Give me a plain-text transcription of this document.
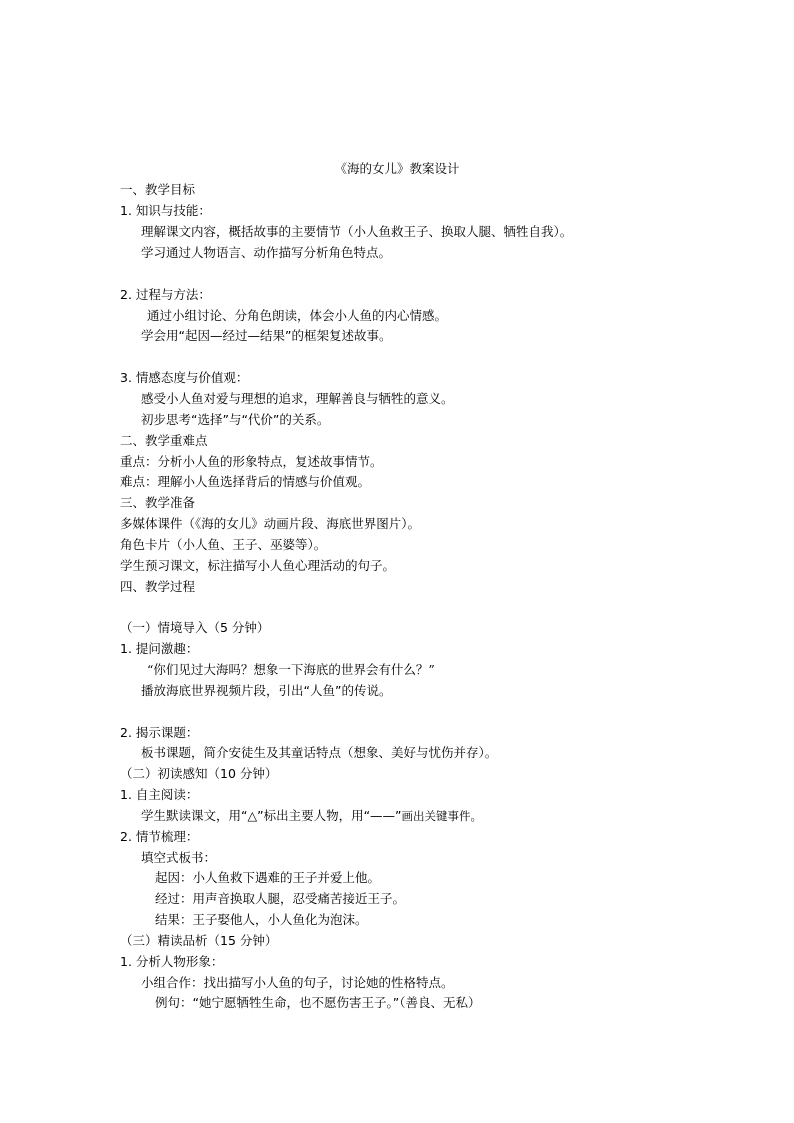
《海的女儿》教案设计
一、教学目标
1. 知识与技能：
理解课文内容，概括故事的主要情节（小人鱼救王子、换取人腿、牺牲自我）。
学习通过人物语言、动作描写分析角色特点。
2. 过程与方法：
通过小组讨论、分角色朗读，体会小人鱼的内心情感。
学会用“起因—经过—结果”的框架复述故事。
3. 情感态度与价值观：
感受小人鱼对爱与理想的追求，理解善良与牺牲的意义。
初步思考“选择”与“代价”的关系。
二、教学重难点
重点：分析小人鱼的形象特点，复述故事情节。
难点：理解小人鱼选择背后的情感与价值观。
三、教学准备
多媒体课件（《海的女儿》动画片段、海底世界图片）。
角色卡片（小人鱼、王子、巫婆等）。
学生预习课文，标注描写小人鱼心理活动的句子。
四、教学过程
（一）情境导入（5 分钟）
1. 提问激趣：
“你们见过大海吗？想象一下海底的世界会有什么？”
播放海底世界视频片段，引出“人鱼”的传说。
2. 揭示课题：
板书课题，简介安徒生及其童话特点（想象、美好与忧伤并存）。
（二）初读感知（10 分钟）
1. 自主阅读：
学生默读课文，用“△”标出主要人物，用“——”画出关键事件。
2. 情节梳理：
填空式板书：
起因：小人鱼救下遇难的王子并爱上他。
经过：用声音换取人腿，忍受痛苦接近王子。
结果：王子娶他人，小人鱼化为泡沫。
（三）精读品析（15 分钟）
1. 分析人物形象：
小组合作：找出描写小人鱼的句子，讨论她的性格特点。
例句：“她宁愿牺牲生命，也不愿伤害王子。”（善良、无私）
